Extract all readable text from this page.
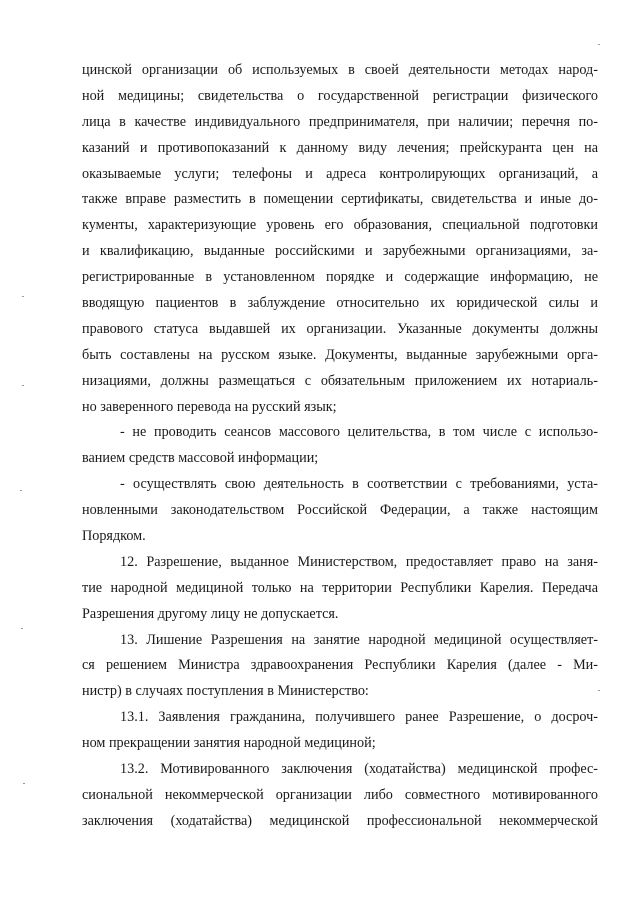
цинской организации об используемых в своей деятельности методах народ-
ной медицины; свидетельства о государственной регистрации физического
лица в качестве индивидуального предпринимателя, при наличии; перечня по-
казаний и противопоказаний к данному виду лечения; прейскуранта цен на
оказываемые услуги; телефоны и адреса контролирующих организаций, а
также вправе разместить в помещении сертификаты, свидетельства и иные до-
кументы, характеризующие уровень его образования, специальной подготовки
и квалификацию, выданные российскими и зарубежными организациями, за-
регистрированные в установленном порядке и содержащие информацию, не
вводящую пациентов в заблуждение относительно их юридической силы и
правового статуса выдавшей их организации. Указанные документы должны
быть составлены на русском языке. Документы, выданные зарубежными орга-
низациями, должны размещаться с обязательным приложением их нотариаль-
но заверенного перевода на русский язык;
- не проводить сеансов массового целительства, в том числе с использо-
ванием средств массовой информации;
- осуществлять свою деятельность в соответствии с требованиями, уста-
новленными законодательством Российской Федерации, а также настоящим
Порядком.
12. Разрешение, выданное Министерством, предоставляет право на заня-
тие народной медициной только на территории Республики Карелия. Передача
Разрешения другому лицу не допускается.
13. Лишение Разрешения на занятие народной медициной осуществляет-
ся решением Министра здравоохранения Республики Карелия (далее - Ми-
нистр) в случаях поступления в Министерство:
13.1. Заявления гражданина, получившего ранее Разрешение, о досроч-
ном прекращении занятия народной медициной;
13.2. Мотивированного заключения (ходатайства) медицинской профес-
сиональной некоммерческой организации либо совместного мотивированного
заключения (ходатайства) медицинской профессиональной некоммерческой
